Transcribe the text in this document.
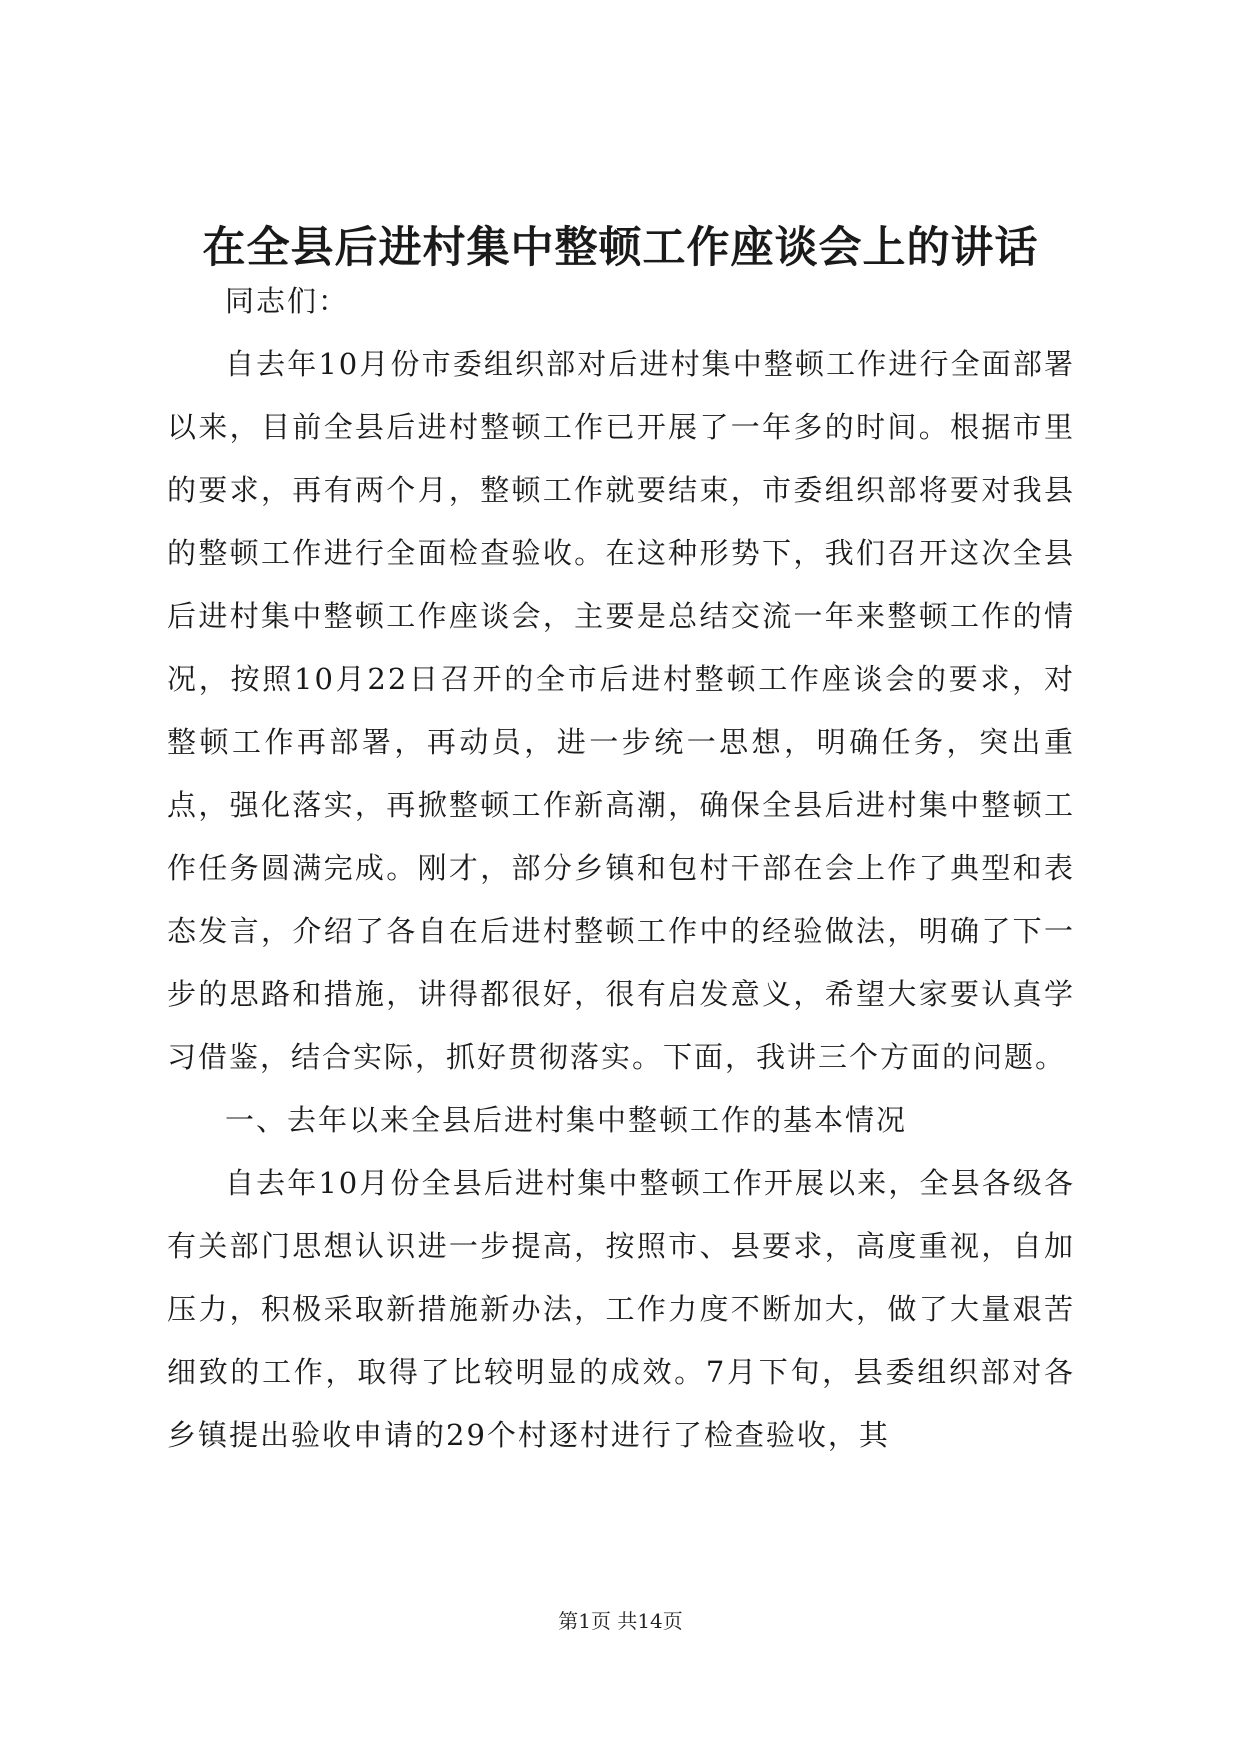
在全县后进村集中整顿工作座谈会上的讲话

同志们：

自去年10月份市委组织部对后进村集中整顿工作进行全面部署以来，目前全县后进村整顿工作已开展了一年多的时间。根据市里的要求，再有两个月，整顿工作就要结束，市委组织部将要对我县的整顿工作进行全面检查验收。在这种形势下，我们召开这次全县后进村集中整顿工作座谈会，主要是总结交流一年来整顿工作的情况，按照10月22日召开的全市后进村整顿工作座谈会的要求，对整顿工作再部署，再动员，进一步统一思想，明确任务，突出重点，强化落实，再掀整顿工作新高潮，确保全县后进村集中整顿工作任务圆满完成。刚才，部分乡镇和包村干部在会上作了典型和表态发言，介绍了各自在后进村整顿工作中的经验做法，明确了下一步的思路和措施，讲得都很好，很有启发意义，希望大家要认真学习借鉴，结合实际，抓好贯彻落实。下面，我讲三个方面的问题。

一、去年以来全县后进村集中整顿工作的基本情况

自去年10月份全县后进村集中整顿工作开展以来，全县各级各有关部门思想认识进一步提高，按照市、县要求，高度重视，自加压力，积极采取新措施新办法，工作力度不断加大，做了大量艰苦细致的工作，取得了比较明显的成效。7月下旬，县委组织部对各乡镇提出验收申请的29个村逐村进行了检查验收，其

第1页 共14页
